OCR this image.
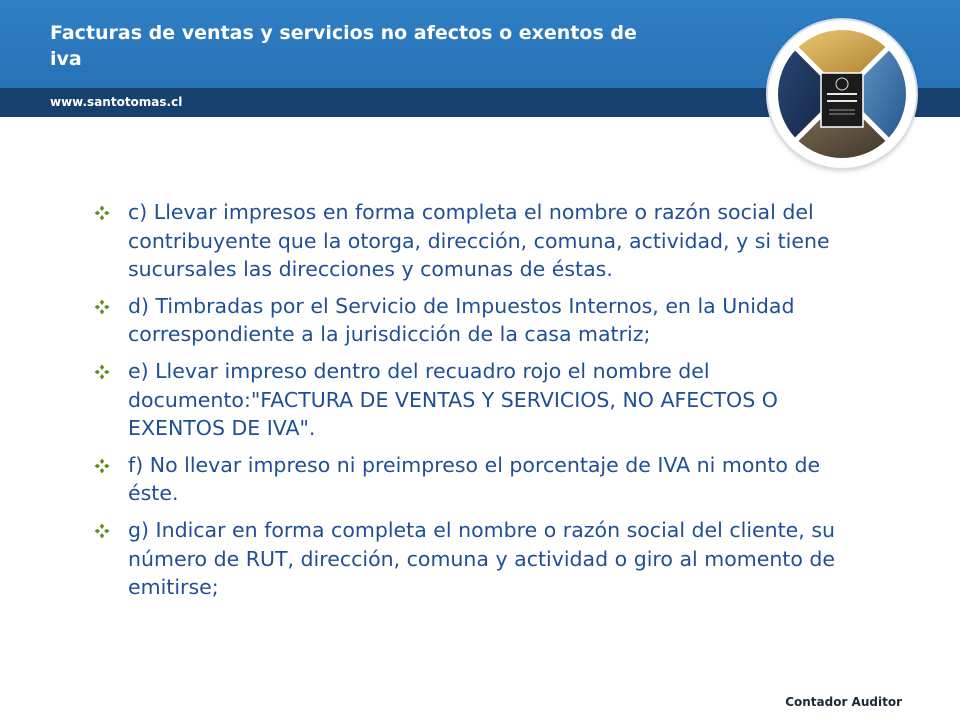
Facturas de ventas y servicios no afectos o exentos de iva
www.santotomas.cl
c) Llevar impresos en forma completa el nombre o razón social del contribuyente que la otorga, dirección, comuna, actividad, y si tiene sucursales las direcciones y comunas de éstas.
d) Timbradas por el Servicio de Impuestos Internos, en la Unidad correspondiente a la jurisdicción de la casa matriz;
e) Llevar impreso dentro del recuadro rojo el nombre del documento:"FACTURA DE VENTAS Y SERVICIOS, NO AFECTOS O EXENTOS DE IVA".
f) No llevar impreso ni preimpreso el porcentaje de IVA ni monto de éste.
g) Indicar en forma completa el nombre o razón social del cliente, su número de RUT, dirección, comuna y actividad o giro al momento de emitirse;
Contador Auditor
